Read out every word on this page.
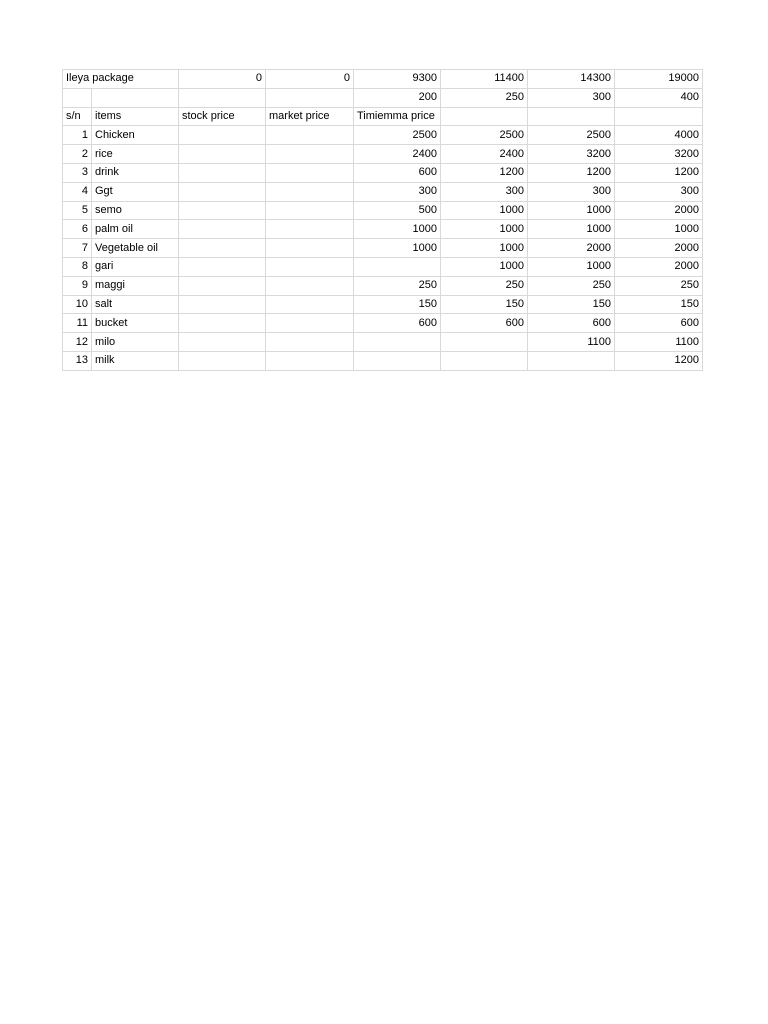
Ileya package		0	0	9300	11400	14300	19000
				200	250	300	400
s/n	items	stock price	market price	Timiemma price			
1	Chicken			2500	2500	2500	4000
2	rice			2400	2400	3200	3200
3	drink			600	1200	1200	1200
4	Ggt			300	300	300	300
5	semo			500	1000	1000	2000
6	palm oil			1000	1000	1000	1000
7	Vegetable oil			1000	1000	2000	2000
8	gari				1000	1000	2000
9	maggi			250	250	250	250
10	salt			150	150	150	150
11	bucket			600	600	600	600
12	milo					1100	1100
13	milk						1200
